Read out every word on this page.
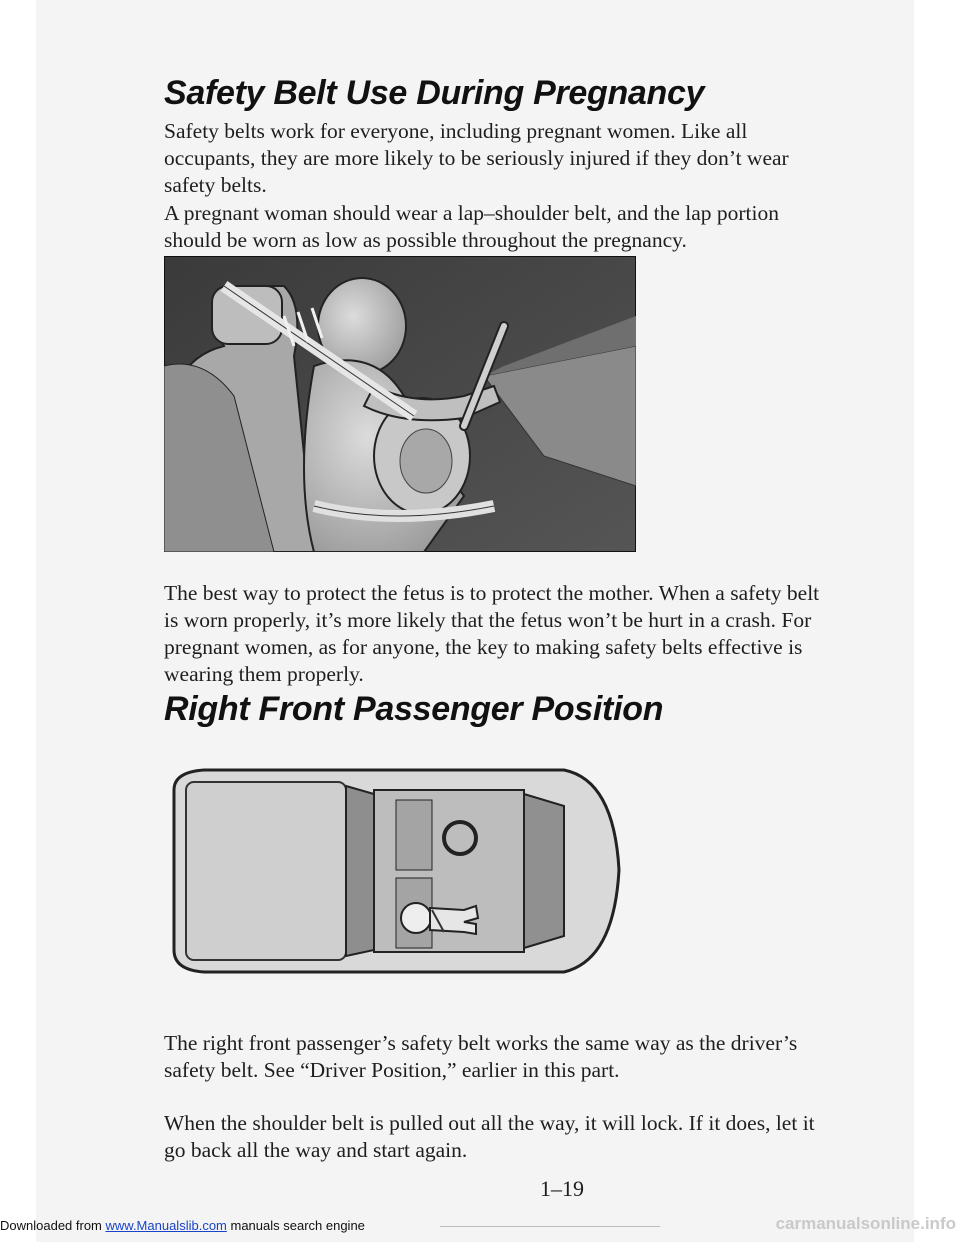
Safety Belt Use During Pregnancy

Safety belts work for everyone, including pregnant women. Like all
occupants, they are more likely to be seriously injured if they don’t wear
safety belts.

A pregnant woman should wear a lap–shoulder belt, and the lap portion
should be worn as low as possible throughout the pregnancy.

The best way to protect the fetus is to protect the mother. When a safety belt
is worn properly, it’s more likely that the fetus won’t be hurt in a crash. For
pregnant women, as for anyone, the key to making safety belts effective is
wearing them properly.

Right Front Passenger Position

The right front passenger’s safety belt works the same way as the driver’s
safety belt. See “Driver Position,” earlier in this part.

When the shoulder belt is pulled out all the way, it will lock. If it does, let it
go back all the way and start again.

1–19
Downloaded from www.Manualslib.com manuals search engine	carmanualsonline.info
